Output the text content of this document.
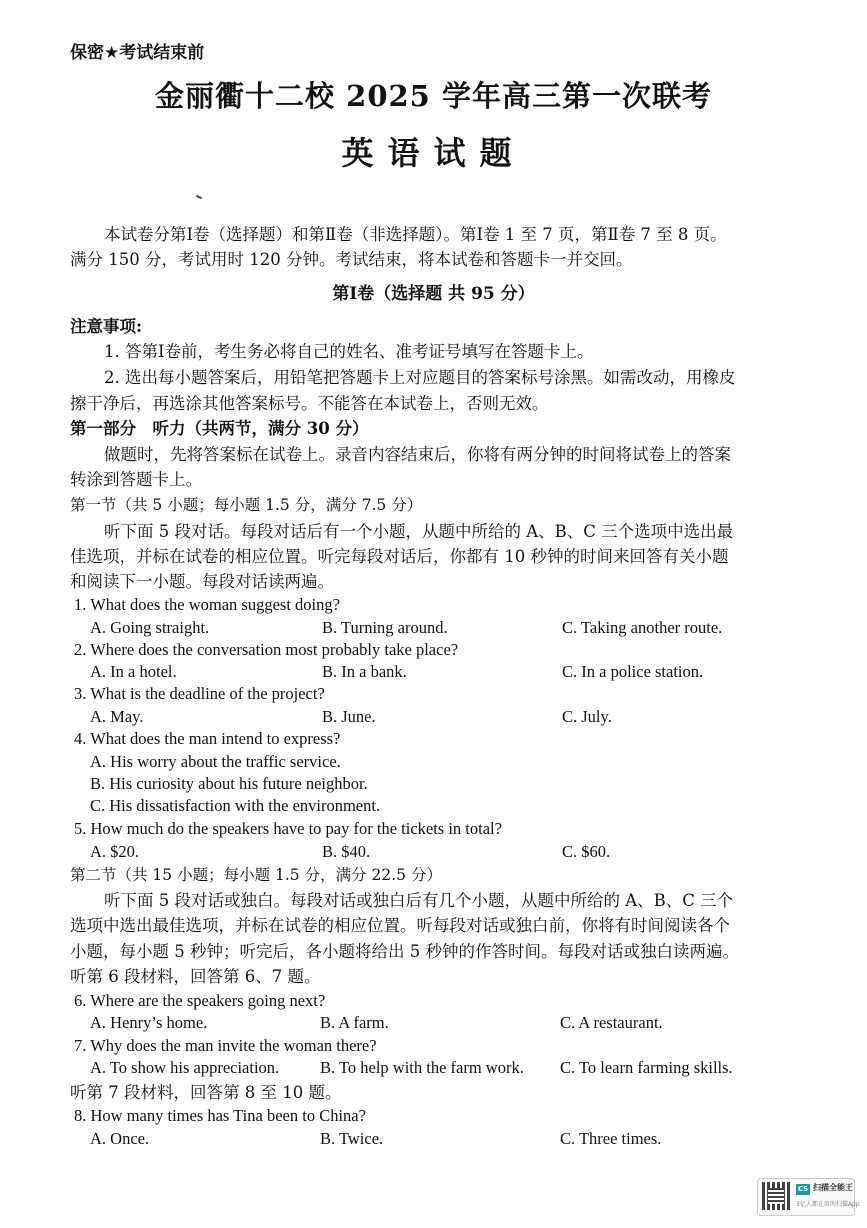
保密★考试结束前
金丽衢十二校 2025 学年高三第一次联考
英语试题
本试卷分第Ⅰ卷（选择题）和第Ⅱ卷（非选择题）。第Ⅰ卷 1 至 7 页，第Ⅱ卷 7 至 8 页。
满分 150 分，考试用时 120 分钟。考试结束，将本试卷和答题卡一并交回。
第Ⅰ卷（选择题 共 95 分）
注意事项:
1. 答第Ⅰ卷前，考生务必将自己的姓名、准考证号填写在答题卡上。
2. 选出每小题答案后，用铅笔把答题卡上对应题目的答案标号涂黑。如需改动，用橡皮
擦干净后，再选涂其他答案标号。不能答在本试卷上，否则无效。
第一部分　听力（共两节，满分 30 分）
做题时，先将答案标在试卷上。录音内容结束后，你将有两分钟的时间将试卷上的答案
转涂到答题卡上。
第一节（共 5 小题；每小题 1.5 分，满分 7.5 分）
听下面 5 段对话。每段对话后有一个小题，从题中所给的 A、B、C 三个选项中选出最
佳选项，并标在试卷的相应位置。听完每段对话后，你都有 10 秒钟的时间来回答有关小题
和阅读下一小题。每段对话读两遍。
1. What does the woman suggest doing?
A. Going straight.	B. Turning around.	C. Taking another route.
2. Where does the conversation most probably take place?
A. In a hotel.	B. In a bank.	C. In a police station.
3. What is the deadline of the project?
A. May.	B. June.	C. July.
4. What does the man intend to express?
A. His worry about the traffic service.
B. His curiosity about his future neighbor.
C. His dissatisfaction with the environment.
5. How much do the speakers have to pay for the tickets in total?
A. $20.	B. $40.	C. $60.
第二节（共 15 小题；每小题 1.5 分，满分 22.5 分）
听下面 5 段对话或独白。每段对话或独白后有几个小题，从题中所给的 A、B、C 三个
选项中选出最佳选项，并标在试卷的相应位置。听每段对话或独白前，你将有时间阅读各个
小题，每小题 5 秒钟；听完后，各小题将给出 5 秒钟的作答时间。每段对话或独白读两遍。
听第 6 段材料，回答第 6、7 题。
6. Where are the speakers going next?
A. Henry’s home.	B. A farm.	C. A restaurant.
7. Why does the man invite the woman there?
A. To show his appreciation. B. To help with the farm work. C. To learn farming skills.
听第 7 段材料，回答第 8 至 10 题。
8. How many times has Tina been to China?
A. Once.	B. Twice.	C. Three times.
CS 扫描全能王
3亿人都在用的扫描App
